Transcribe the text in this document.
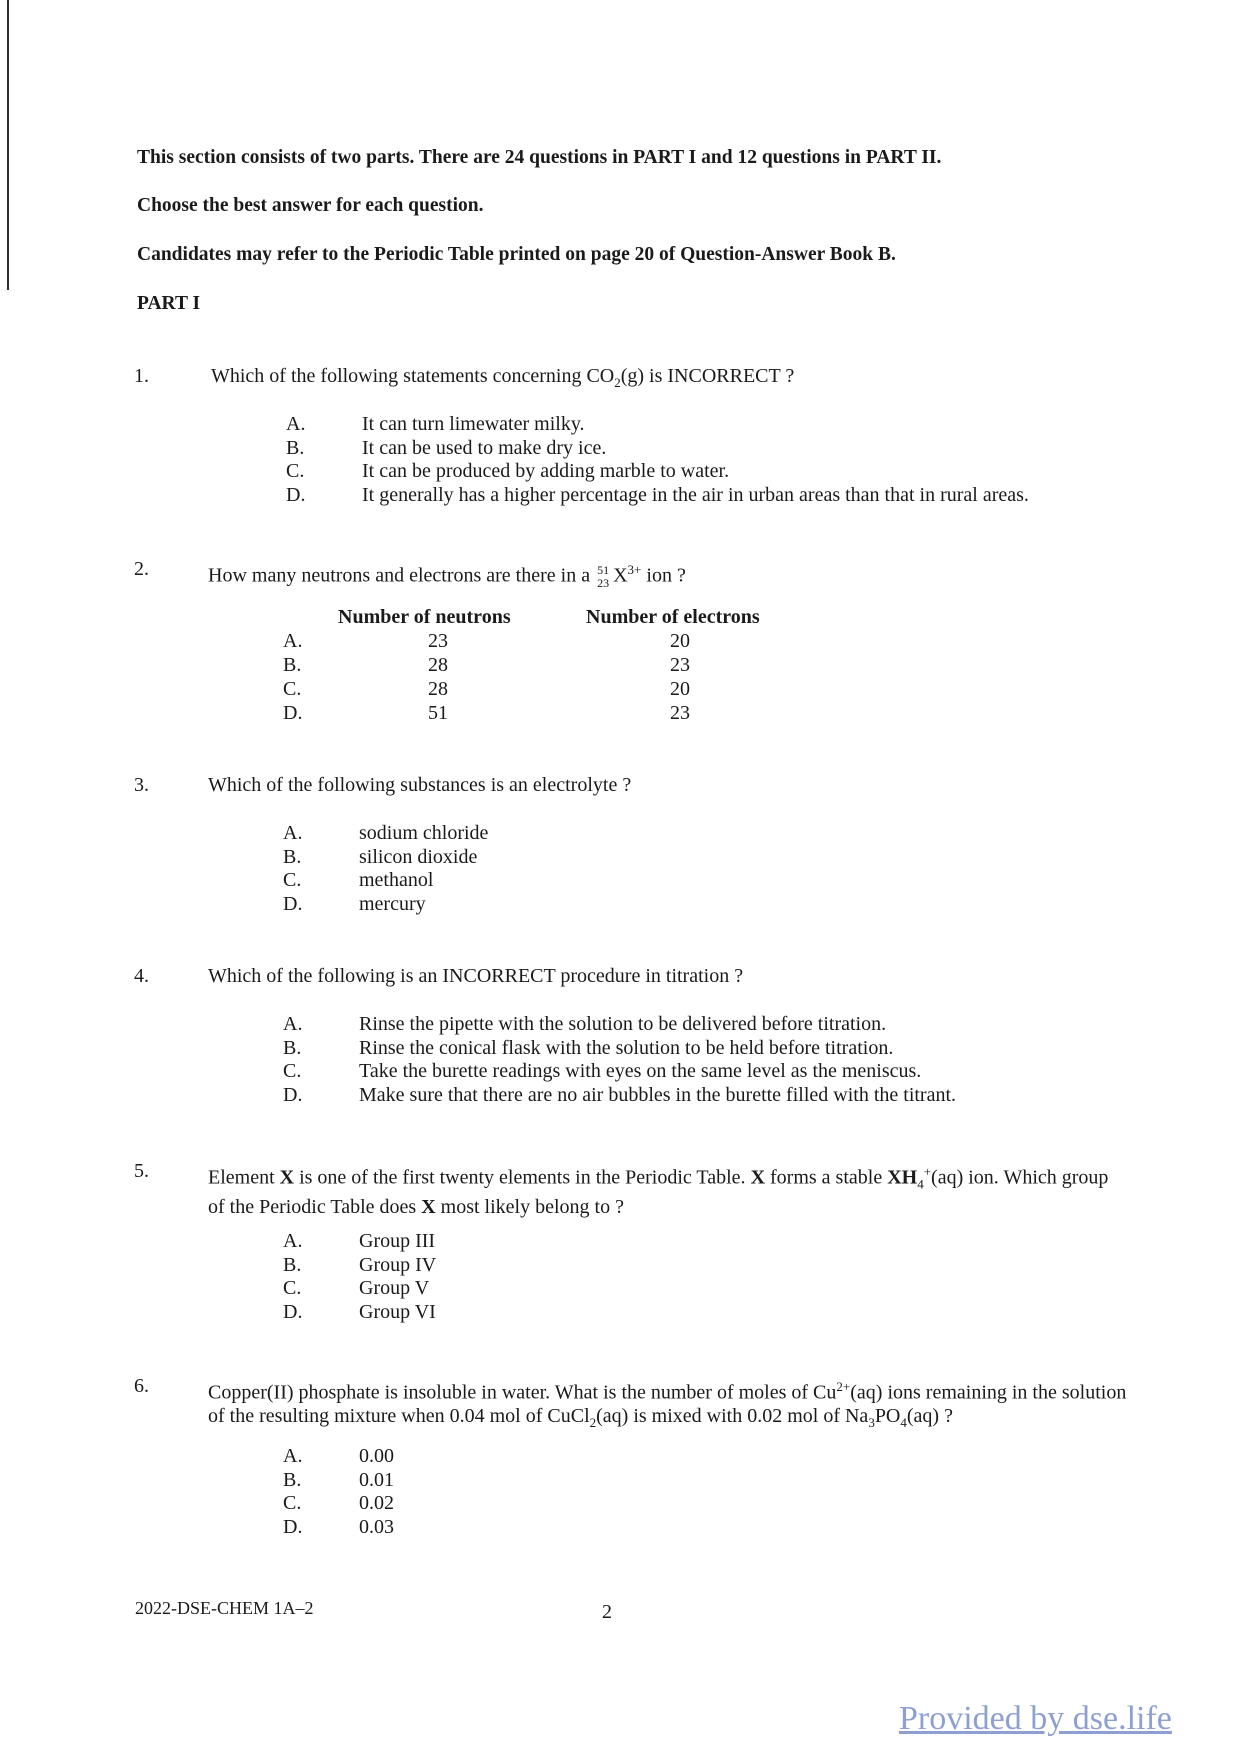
This section consists of two parts. There are 24 questions in PART I and 12 questions in PART II.
Choose the best answer for each question.
Candidates may refer to the Periodic Table printed on page 20 of Question-Answer Book B.
PART I
1.	Which of the following statements concerning $CO_2(g)$ is INCORRECT ?
A.	It can turn limewater milky.
B.	It can be used to make dry ice.
C.	It can be produced by adding marble to water.
D.	It generally has a higher percentage in the air in urban areas than that in rural areas.
2.	How many neutrons and electrons are there in a 51
23 $X^{3+}$ ion ?
Number of neutrons	Number of electrons
A.	23	20
B.	28	23
C.	28	20
D.	51	23
3.	Which of the following substances is an electrolyte ?
A.	sodium chloride
B.	silicon dioxide
C.	methanol
D.	mercury
4.	Which of the following is an INCORRECT procedure in titration ?
A.	Rinse the pipette with the solution to be delivered before titration.
B.	Rinse the conical flask with the solution to be held before titration.
C.	Take the burette readings with eyes on the same level as the meniscus.
D.	Make sure that there are no air bubbles in the burette filled with the titrant.
5.	Element X is one of the first twenty elements in the Periodic Table. X forms a stable $XH_4^+(aq)$ ion. Which group of the Periodic Table does X most likely belong to ?
A.	Group III
B.	Group IV
C.	Group V
D.	Group VI
6.	Copper(II) phosphate is insoluble in water. What is the number of moles of $Cu^{2+}(aq)$ ions remaining in the solution of the resulting mixture when 0.04 mol of CuCl$_2$(aq) is mixed with 0.02 mol of $Na_3PO_4(aq)$ ?
A.	0.00
B.	0.01
C.	0.02
D.	0.03
2022-DSE-CHEM 1A–2	2
Provided by dse.life
